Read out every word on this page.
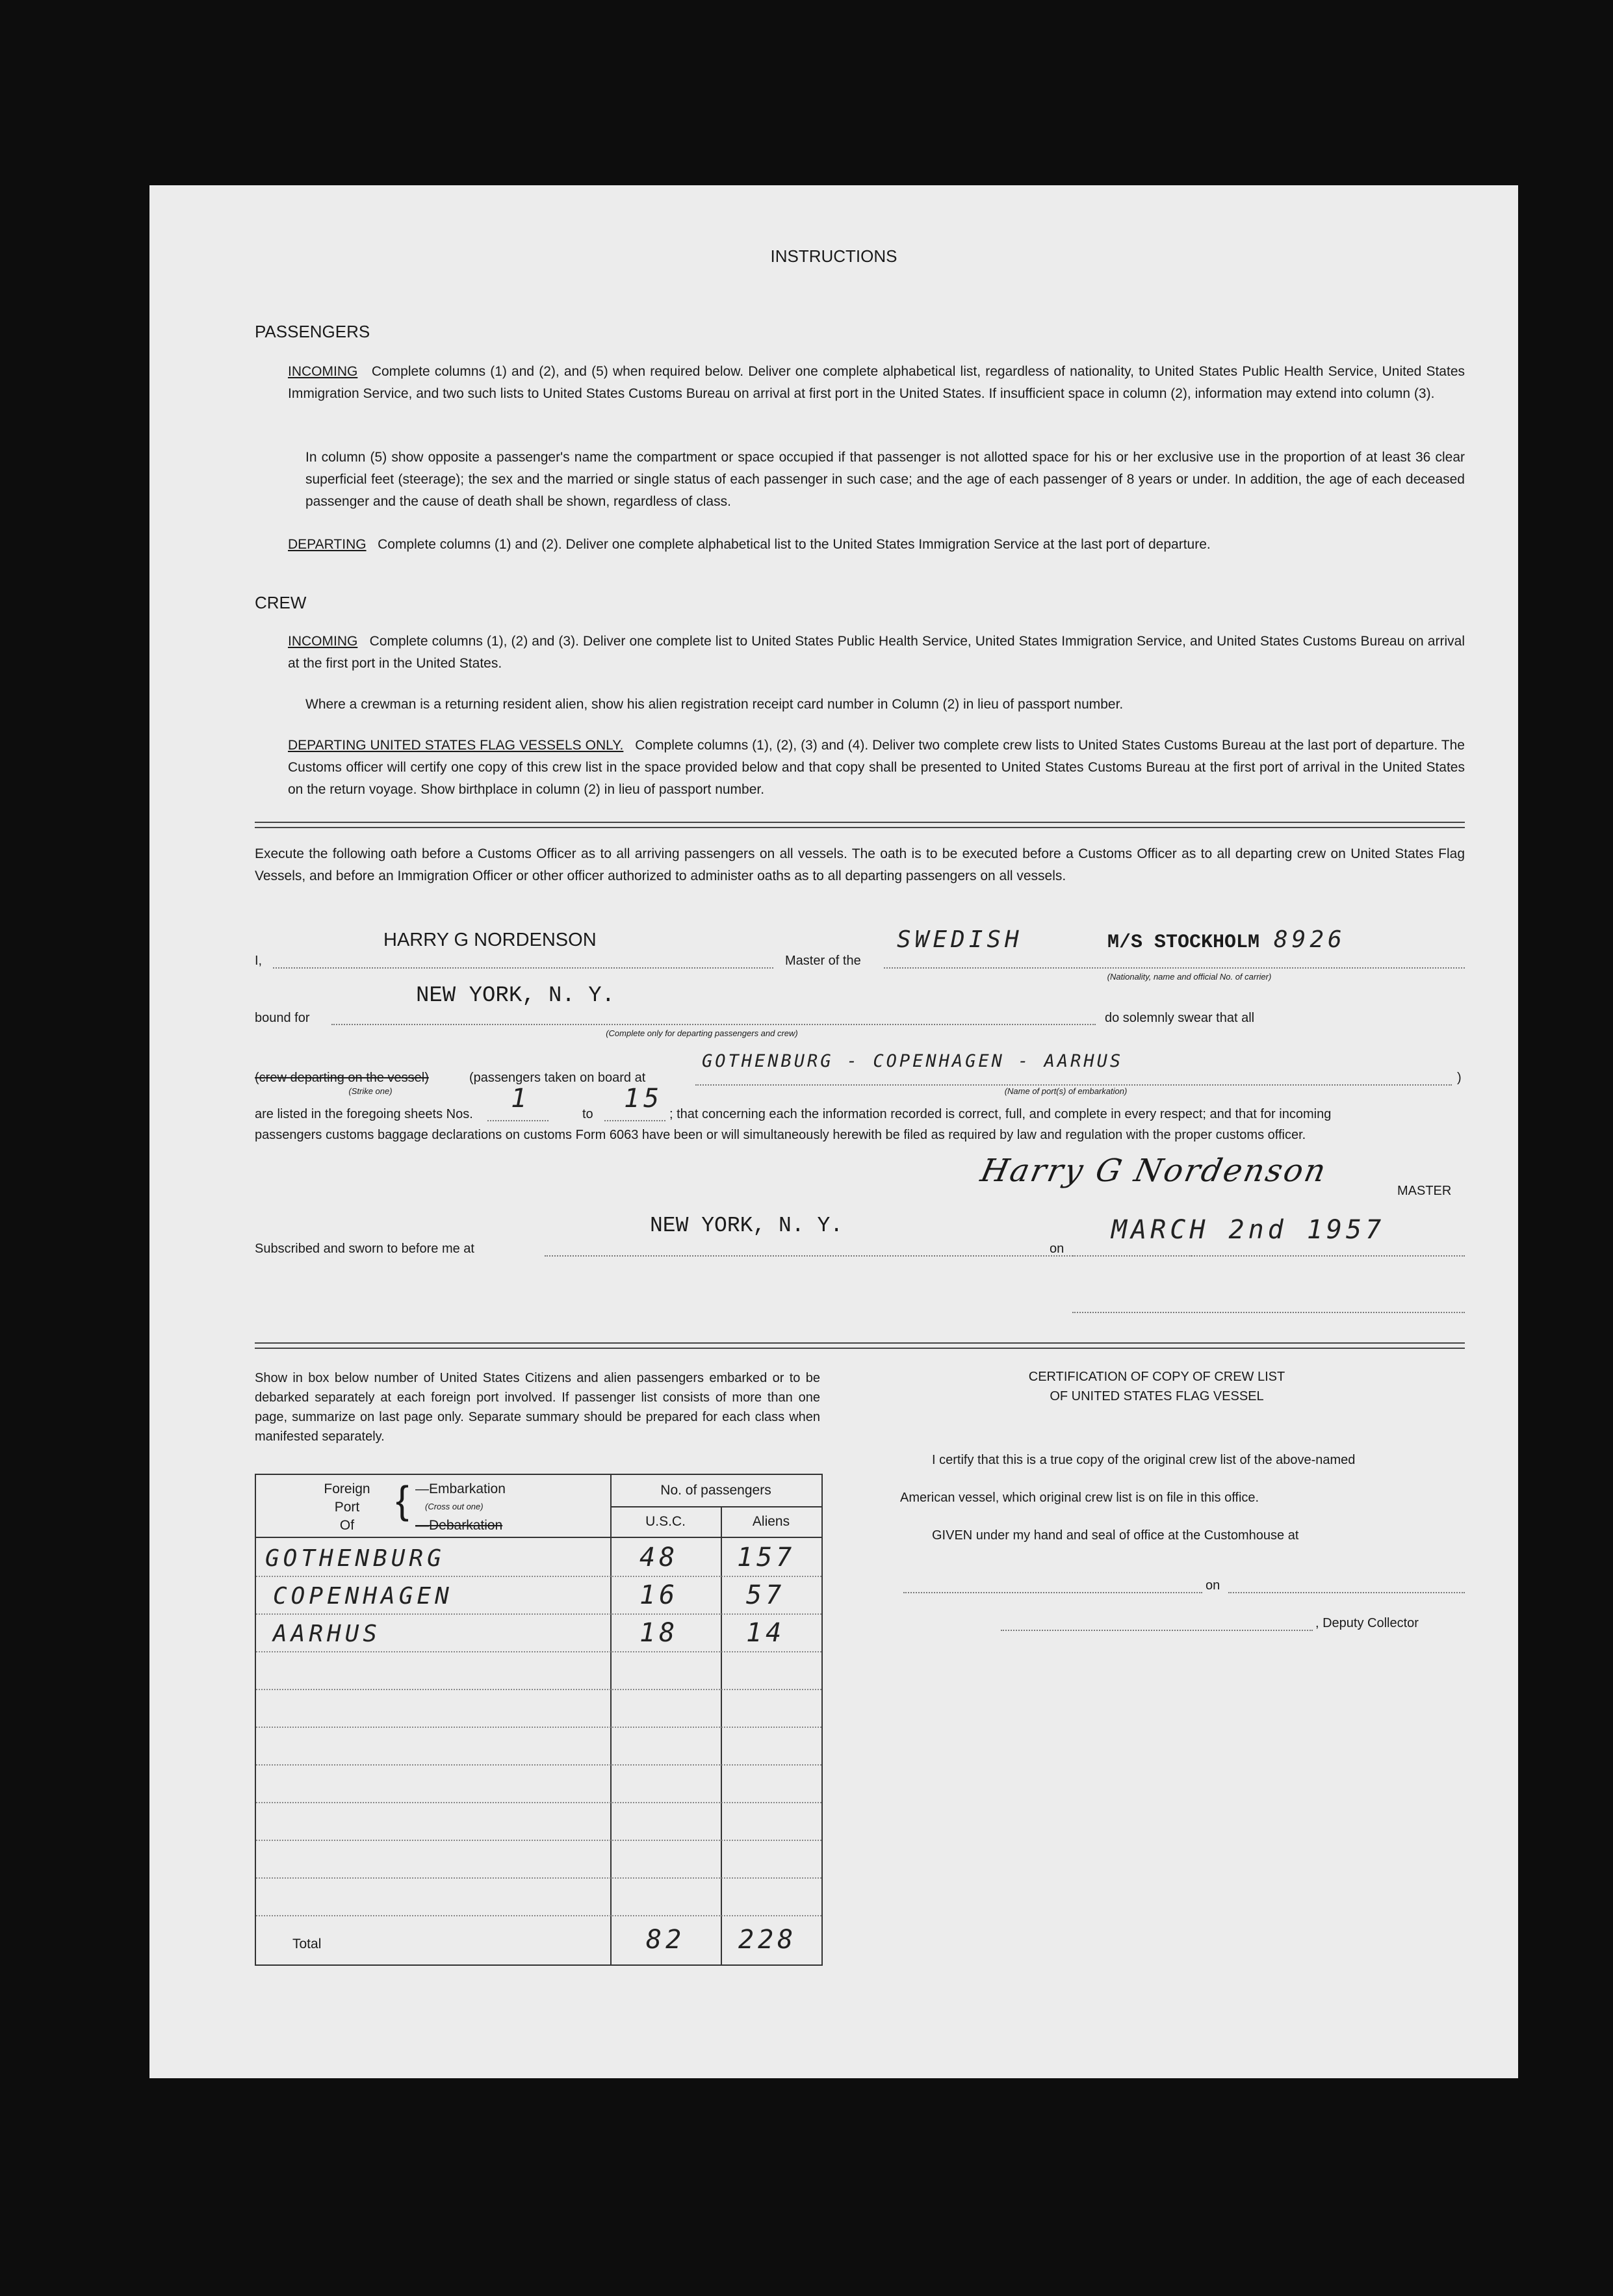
INSTRUCTIONS
PASSENGERS
INCOMING Complete columns (1) and (2), and (5) when required below. Deliver one complete alphabetical list, regardless of nationality, to United States Public Health Service, United States Immigration Service, and two such lists to United States Customs Bureau on arrival at first port in the United States. If insufficient space in column (2), information may extend into column (3).
In column (5) show opposite a passenger's name the compartment or space occupied if that passenger is not allotted space for his or her exclusive use in the proportion of at least 36 clear superficial feet (steerage); the sex and the married or single status of each passenger in such case; and the age of each passenger of 8 years or under. In addition, the age of each deceased passenger and the cause of death shall be shown, regardless of class.
DEPARTING Complete columns (1) and (2). Deliver one complete alphabetical list to the United States Immigration Service at the last port of departure.
CREW
INCOMING Complete columns (1), (2) and (3). Deliver one complete list to United States Public Health Service, United States Immigration Service, and United States Customs Bureau on arrival at the first port in the United States.
Where a crewman is a returning resident alien, show his alien registration receipt card number in Column (2) in lieu of passport number.
DEPARTING UNITED STATES FLAG VESSELS ONLY. Complete columns (1), (2), (3) and (4). Deliver two complete crew lists to United States Customs Bureau at the last port of departure. The Customs officer will certify one copy of this crew list in the space provided below and that copy shall be presented to United States Customs Bureau at the first port of arrival in the United States on the return voyage. Show birthplace in column (2) in lieu of passport number.
Execute the following oath before a Customs Officer as to all arriving passengers on all vessels. The oath is to be executed before a Customs Officer as to all departing crew on United States Flag Vessels, and before an Immigration Officer or other officer authorized to administer oaths as to all departing passengers on all vessels.
I,
HARRY G NORDENSON
Master of the
SWEDISH	M/S STOCKHOLM 8926
(Nationality, name and official No. of carrier)
bound for
NEW YORK, N. Y.
(Complete only for departing passengers and crew)
do solemnly swear that all
(crew departing on the vessel)
(Strike one)
(passengers taken on board at
GOTHENBURG - COPENHAGEN - AARHUS
(Name of port(s) of embarkation)
)
are listed in the foregoing sheets Nos.
1
to
15
; that concerning each the information recorded is correct, full, and complete in every respect; and that for incoming
passengers customs baggage declarations on customs Form 6063 have been or will simultaneously herewith be filed as required by law and regulation with the proper customs officer.
Harry G Nordenson
MASTER
Subscribed and sworn to before me at
NEW YORK, N. Y.
on
MARCH 2nd 1957
Show in box below number of United States Citizens and alien passengers embarked or to be debarked separately at each foreign port involved. If passenger list consists of more than one page, summarize on last page only. Separate summary should be prepared for each class when manifested separately.
Foreign
Port
Of
{ —Embarkation
(Cross out one)
—Debarkation
No. of passengers
U.S.C.	Aliens
GOTHENBURG	48 157
COPENHAGEN	16	57
AARHUS	18	14
Total	82 228
CERTIFICATION OF COPY OF CREW LIST
OF UNITED STATES FLAG VESSEL
I certify that this is a true copy of the original crew list of the above-named
American vessel, which original crew list is on file in this office.
GIVEN under my hand and seal of office at the Customhouse at
on
, Deputy Collector
